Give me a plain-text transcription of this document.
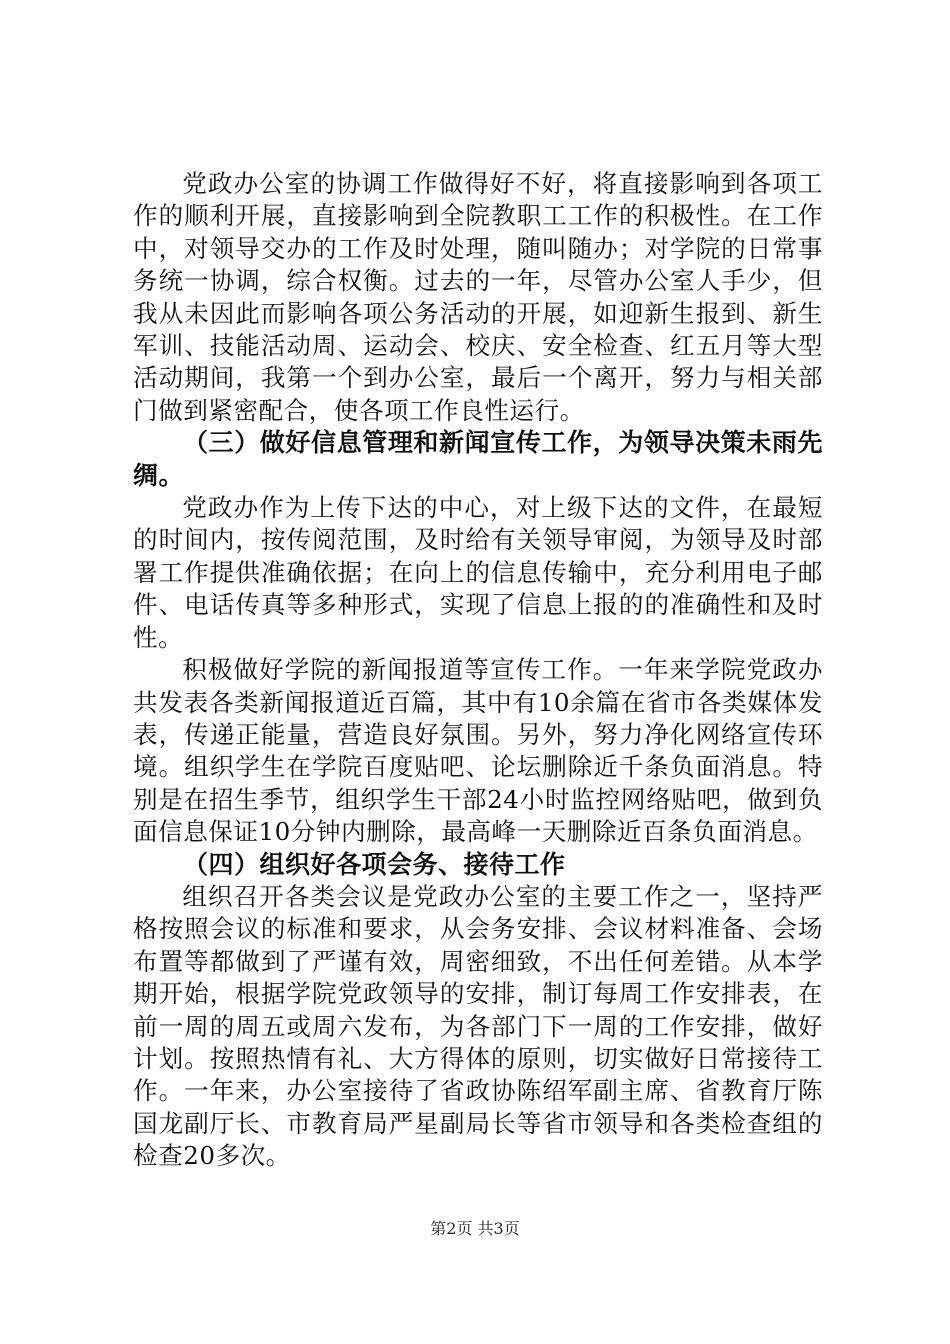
党政办公室的协调工作做得好不好，将直接影响到各项工作的顺利开展，直接影响到全院教职工工作的积极性。在工作中，对领导交办的工作及时处理，随叫随办；对学院的日常事务统一协调，综合权衡。过去的一年，尽管办公室人手少，但我从未因此而影响各项公务活动的开展，如迎新生报到、新生军训、技能活动周、运动会、校庆、安全检查、红五月等大型活动期间，我第一个到办公室，最后一个离开，努力与相关部门做到紧密配合，使各项工作良性运行。

（三）做好信息管理和新闻宣传工作，为领导决策未雨先绸。

党政办作为上传下达的中心，对上级下达的文件，在最短的时间内，按传阅范围，及时给有关领导审阅，为领导及时部署工作提供准确依据；在向上的信息传输中，充分利用电子邮件、电话传真等多种形式，实现了信息上报的的准确性和及时性。

积极做好学院的新闻报道等宣传工作。一年来学院党政办共发表各类新闻报道近百篇，其中有10余篇在省市各类媒体发表，传递正能量，营造良好氛围。另外，努力净化网络宣传环境。组织学生在学院百度贴吧、论坛删除近千条负面消息。特别是在招生季节，组织学生干部24小时监控网络贴吧，做到负面信息保证10分钟内删除，最高峰一天删除近百条负面消息。

（四）组织好各项会务、接待工作

组织召开各类会议是党政办公室的主要工作之一，坚持严格按照会议的标准和要求，从会务安排、会议材料准备、会场布置等都做到了严谨有效，周密细致，不出任何差错。从本学期开始，根据学院党政领导的安排，制订每周工作安排表，在前一周的周五或周六发布，为各部门下一周的工作安排，做好计划。按照热情有礼、大方得体的原则，切实做好日常接待工作。一年来，办公室接待了省政协陈绍军副主席、省教育厅陈国龙副厅长、市教育局严星副局长等省市领导和各类检查组的检查20多次。

第2页 共3页
